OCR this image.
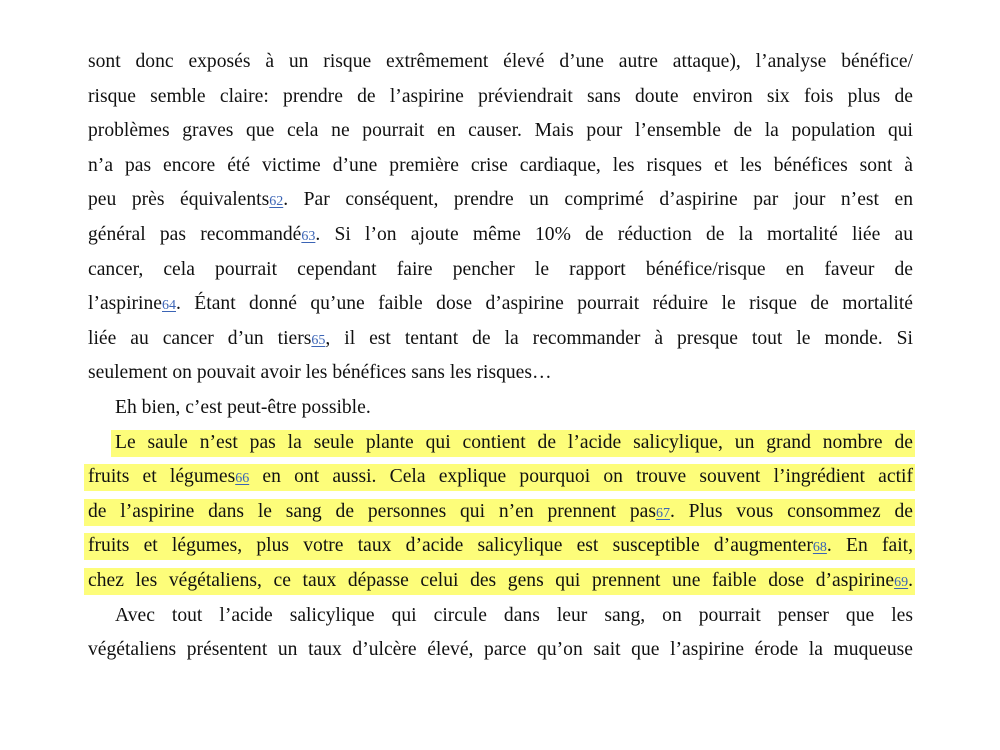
sont donc exposés à un risque extrêmement élevé d’une autre attaque), l’analyse bénéfice/
risque semble claire: prendre de l’aspirine préviendrait sans doute environ six fois plus de
problèmes graves que cela ne pourrait en causer. Mais pour l’ensemble de la population qui
n’a pas encore été victime d’une première crise cardiaque, les risques et les bénéfices sont à
peu près équivalents62. Par conséquent, prendre un comprimé d’aspirine par jour n’est en
général pas recommandé63. Si l’on ajoute même 10% de réduction de la mortalité liée au
cancer, cela pourrait cependant faire pencher le rapport bénéfice/risque en faveur de
l’aspirine64. Étant donné qu’une faible dose d’aspirine pourrait réduire le risque de mortalité
liée au cancer d’un tiers65, il est tentant de la recommander à presque tout le monde. Si
seulement on pouvait avoir les bénéfices sans les risques…
Eh bien, c’est peut-être possible.
Le saule n’est pas la seule plante qui contient de l’acide salicylique, un grand nombre de
fruits et légumes66 en ont aussi. Cela explique pourquoi on trouve souvent l’ingrédient actif
de l’aspirine dans le sang de personnes qui n’en prennent pas67. Plus vous consommez de
fruits et légumes, plus votre taux d’acide salicylique est susceptible d’augmenter68. En fait,
chez les végétaliens, ce taux dépasse celui des gens qui prennent une faible dose d’aspirine69.
Avec tout l’acide salicylique qui circule dans leur sang, on pourrait penser que les
végétaliens présentent un taux d’ulcère élevé, parce qu’on sait que l’aspirine érode la muqueuse
